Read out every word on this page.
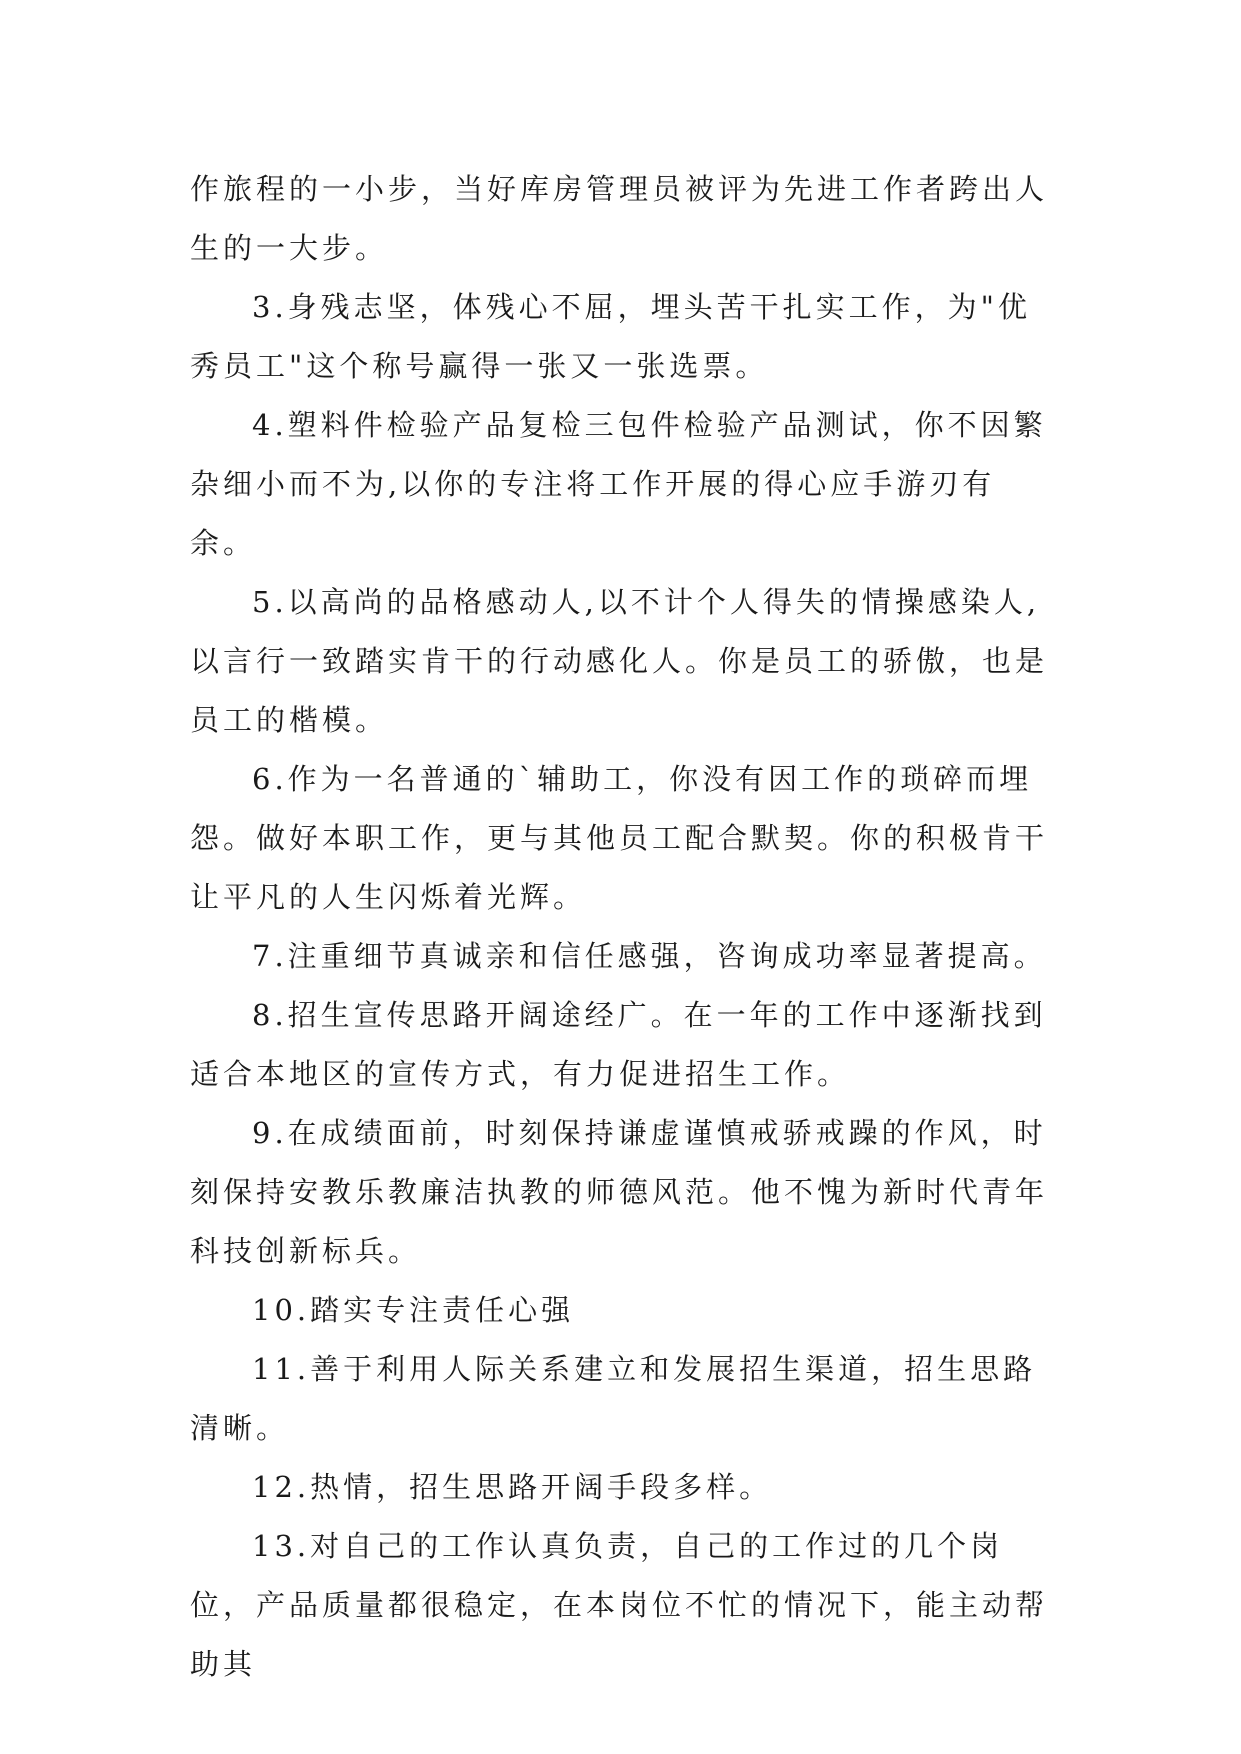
作旅程的一小步，当好库房管理员被评为先进工作者跨出人生的一大步。

3.身残志坚，体残心不屈，埋头苦干扎实工作，为"优秀员工"这个称号赢得一张又一张选票。

4.塑料件检验产品复检三包件检验产品测试，你不因繁杂细小而不为,以你的专注将工作开展的得心应手游刃有余。

5.以高尚的品格感动人,以不计个人得失的情操感染人,以言行一致踏实肯干的行动感化人。你是员工的骄傲，也是员工的楷模。

6.作为一名普通的`辅助工，你没有因工作的琐碎而埋怨。做好本职工作，更与其他员工配合默契。你的积极肯干让平凡的人生闪烁着光辉。

7.注重细节真诚亲和信任感强，咨询成功率显著提高。

8.招生宣传思路开阔途经广。在一年的工作中逐渐找到适合本地区的宣传方式，有力促进招生工作。

9.在成绩面前，时刻保持谦虚谨慎戒骄戒躁的作风，时刻保持安教乐教廉洁执教的师德风范。他不愧为新时代青年科技创新标兵。

10.踏实专注责任心强

11.善于利用人际关系建立和发展招生渠道，招生思路清晰。

12.热情，招生思路开阔手段多样。

13.对自己的工作认真负责，自己的工作过的几个岗位，产品质量都很稳定，在本岗位不忙的情况下，能主动帮助其
